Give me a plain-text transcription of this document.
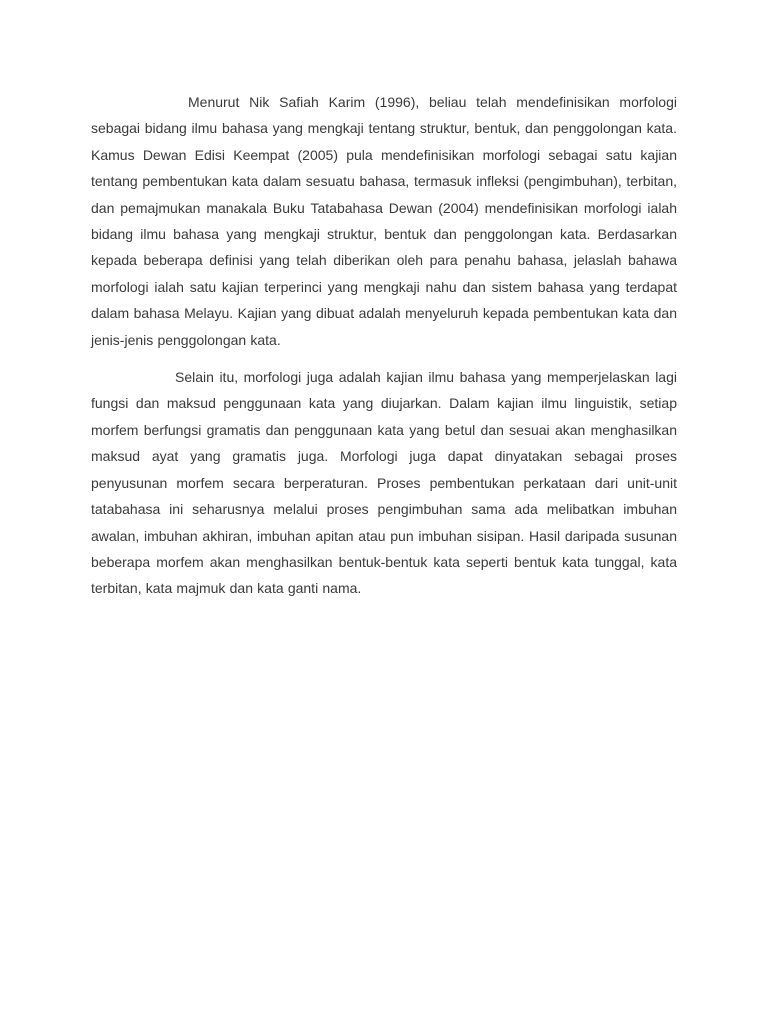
Menurut Nik Safiah Karim (1996), beliau telah mendefinisikan morfologi sebagai bidang ilmu bahasa yang mengkaji tentang struktur, bentuk, dan penggolongan kata. Kamus Dewan Edisi Keempat (2005) pula mendefinisikan morfologi sebagai satu kajian tentang pembentukan kata dalam sesuatu bahasa, termasuk infleksi (pengimbuhan), terbitan, dan pemajmukan manakala Buku Tatabahasa Dewan (2004) mendefinisikan morfologi ialah bidang ilmu bahasa yang mengkaji struktur, bentuk dan penggolongan kata. Berdasarkan kepada beberapa definisi yang telah diberikan oleh para penahu bahasa, jelaslah bahawa morfologi ialah satu kajian terperinci yang mengkaji nahu dan sistem bahasa yang terdapat dalam bahasa Melayu. Kajian yang dibuat adalah menyeluruh kepada pembentukan kata dan jenis-jenis penggolongan kata.

Selain itu, morfologi juga adalah kajian ilmu bahasa yang memperjelaskan lagi fungsi dan maksud penggunaan kata yang diujarkan. Dalam kajian ilmu linguistik, setiap morfem berfungsi gramatis dan penggunaan kata yang betul dan sesuai akan menghasilkan maksud ayat yang gramatis juga. Morfologi juga dapat dinyatakan sebagai proses penyusunan morfem secara berperaturan. Proses pembentukan perkataan dari unit-unit tatabahasa ini seharusnya melalui proses pengimbuhan sama ada melibatkan imbuhan awalan, imbuhan akhiran, imbuhan apitan atau pun imbuhan sisipan. Hasil daripada susunan beberapa morfem akan menghasilkan bentuk-bentuk kata seperti bentuk kata tunggal, kata terbitan, kata majmuk dan kata ganti nama.
